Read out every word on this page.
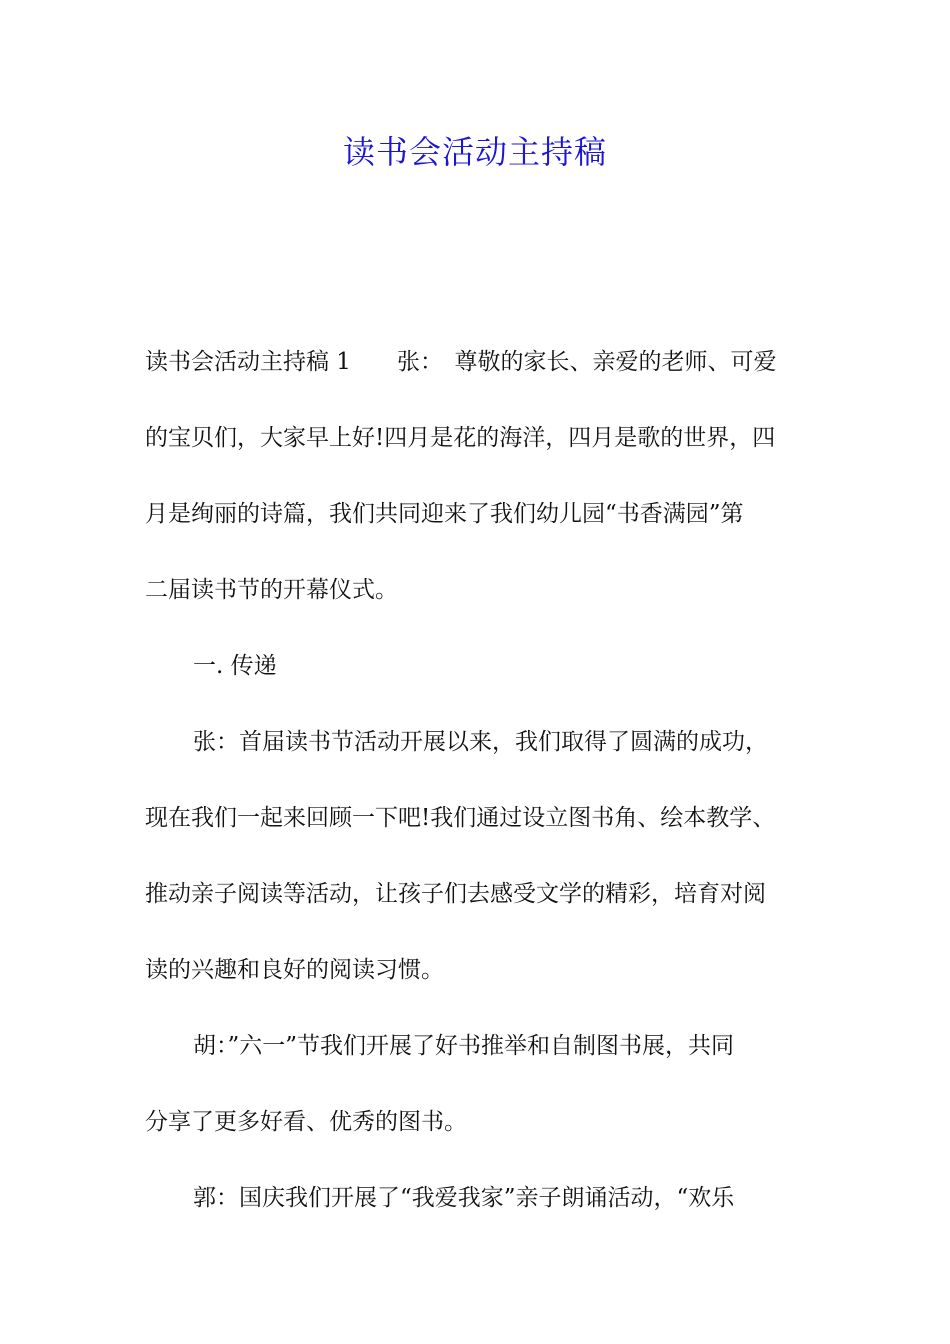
读书会活动主持稿
读书会活动主持稿 1　　张：　尊敬的家长、亲爱的老师、可爱
的宝贝们，大家早上好!四月是花的海洋，四月是歌的世界，四
月是绚丽的诗篇，我们共同迎来了我们幼儿园“书香满园”第
二届读书节的开幕仪式。
一. 传递
张：首届读书节活动开展以来，我们取得了圆满的成功，
现在我们一起来回顾一下吧!我们通过设立图书角、绘本教学、
推动亲子阅读等活动，让孩子们去感受文学的精彩，培育对阅
读的兴趣和良好的阅读习惯。
胡：”六一”节我们开展了好书推举和自制图书展，共同
分享了更多好看、优秀的图书。
郭：国庆我们开展了“我爱我家”亲子朗诵活动，“欢乐
